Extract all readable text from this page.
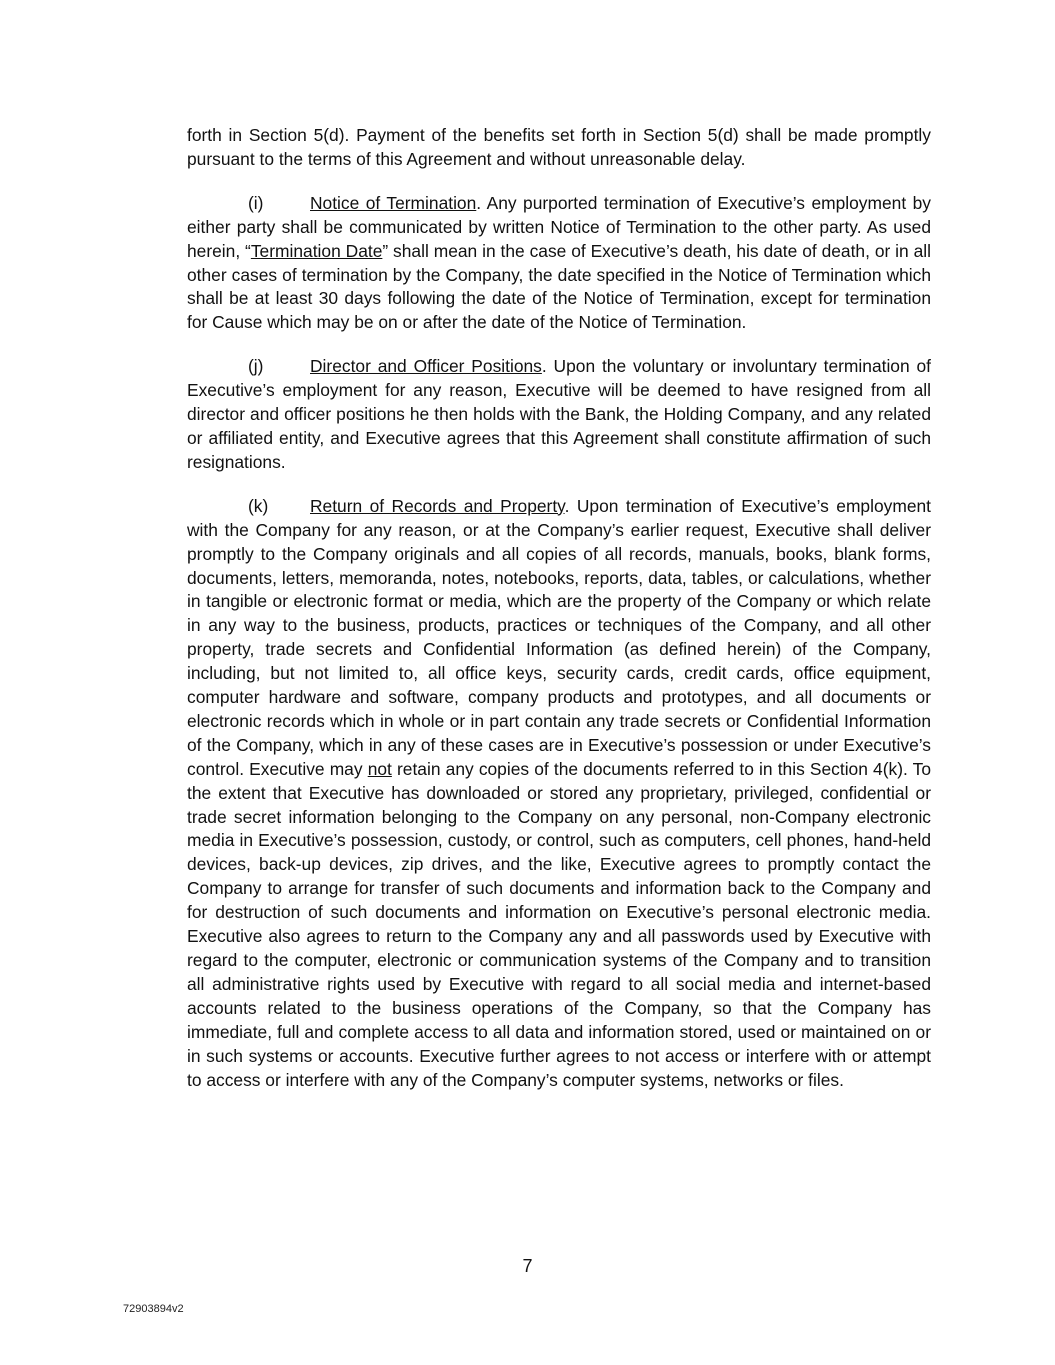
forth in Section 5(d). Payment of the benefits set forth in Section 5(d) shall be made promptly pursuant to the terms of this Agreement and without unreasonable delay.

(i)	Notice of Termination. Any purported termination of Executive’s employment by either party shall be communicated by written Notice of Termination to the other party. As used herein, “Termination Date” shall mean in the case of Executive’s death, his date of death, or in all other cases of termination by the Company, the date specified in the Notice of Termination which shall be at least 30 days following the date of the Notice of Termination, except for termination for Cause which may be on or after the date of the Notice of Termination.

(j)	Director and Officer Positions. Upon the voluntary or involuntary termination of Executive’s employment for any reason, Executive will be deemed to have resigned from all director and officer positions he then holds with the Bank, the Holding Company, and any related or affiliated entity, and Executive agrees that this Agreement shall constitute affirmation of such resignations.

(k) Return of Records and Property. Upon termination of Executive’s employment with the Company for any reason, or at the Company’s earlier request, Executive shall deliver promptly to the Company originals and all copies of all records, manuals, books, blank forms, documents, letters, memoranda, notes, notebooks, reports, data, tables, or calculations, whether in tangible or electronic format or media, which are the property of the Company or which relate in any way to the business, products, practices or techniques of the Company, and all other property, trade secrets and Confidential Information (as defined herein) of the Company, including, but not limited to, all office keys, security cards, credit cards, office equipment, computer hardware and software, company products and prototypes, and all documents or electronic records which in whole or in part contain any trade secrets or Confidential Information of the Company, which in any of these cases are in Executive’s possession or under Executive’s control. Executive may not retain any copies of the documents referred to in this Section 4(k). To the extent that Executive has downloaded or stored any proprietary, privileged, confidential or trade secret information belonging to the Company on any personal, non-Company electronic media in Executive’s possession, custody, or control, such as computers, cell phones, hand-held devices, back-up devices, zip drives, and the like, Executive agrees to promptly contact the Company to arrange for transfer of such documents and information back to the Company and for destruction of such documents and information on Executive’s personal electronic media. Executive also agrees to return to the Company any and all passwords used by Executive with regard to the computer, electronic or communication systems of the Company and to transition all administrative rights used by Executive with regard to all social media and internet-based accounts related to the business operations of the Company, so that the Company has immediate, full and complete access to all data and information stored, used or maintained on or in such systems or accounts. Executive further agrees to not access or interfere with or attempt to access or interfere with any of the Company’s computer systems, networks or files.

7
72903894v2
